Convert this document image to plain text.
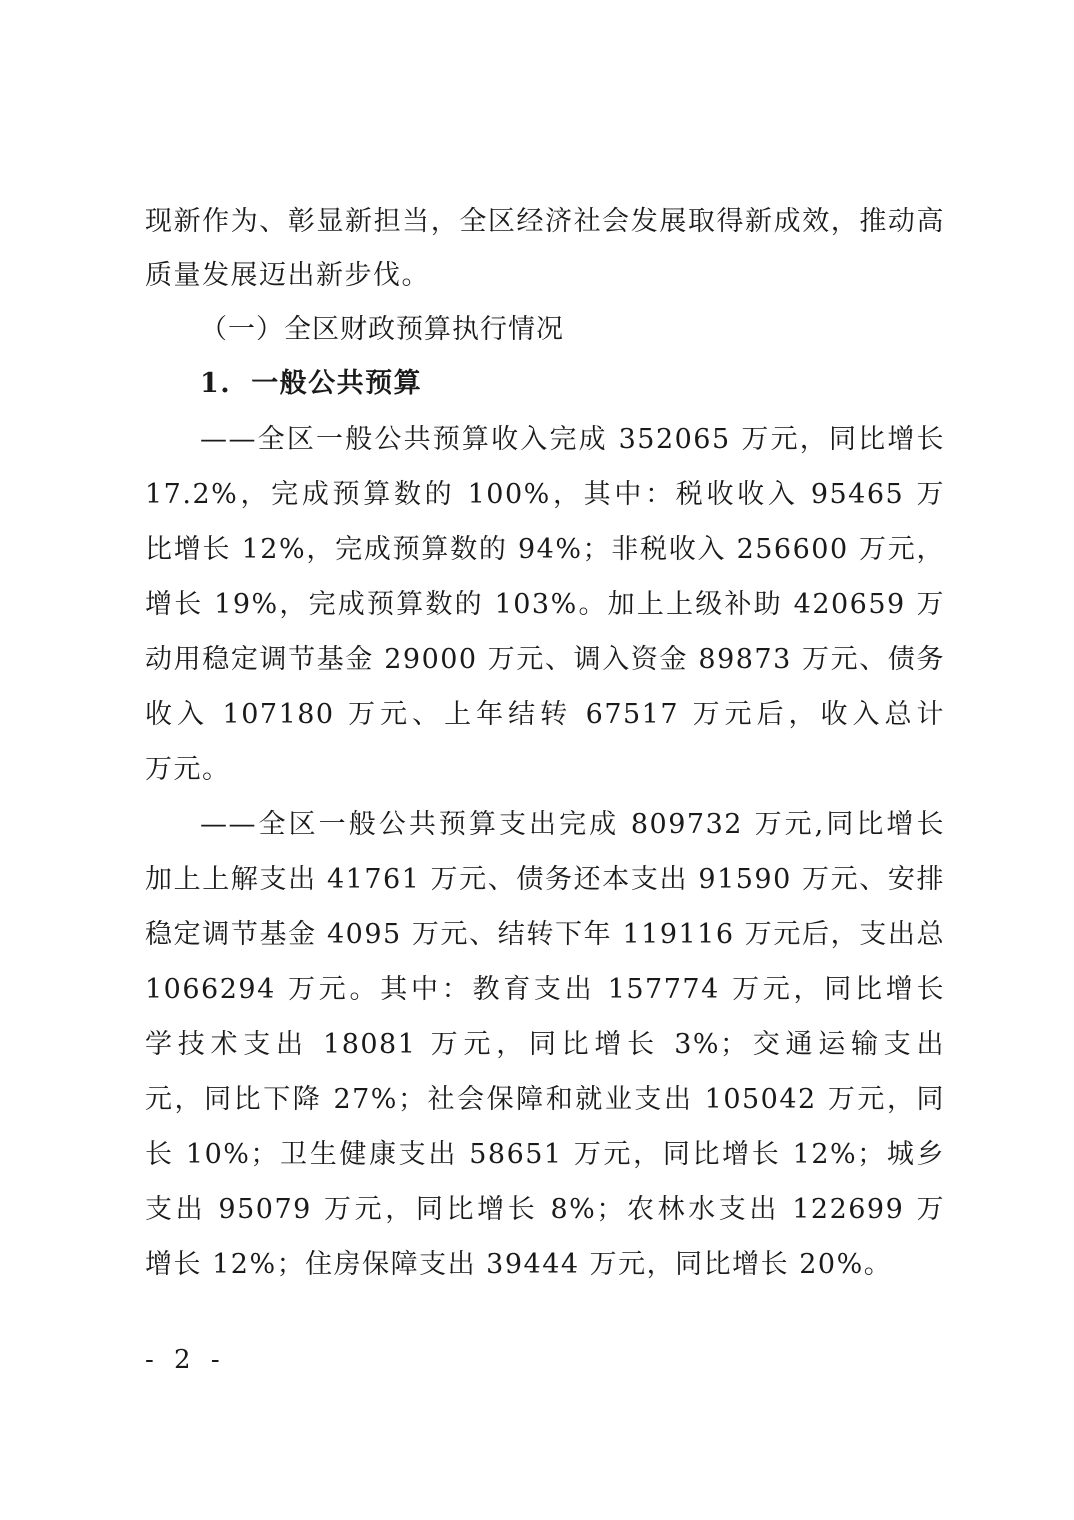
现新作为、彰显新担当，全区经济社会发展取得新成效，推动高
质量发展迈出新步伐。
（一）全区财政预算执行情况
1. 一般公共预算
——全区一般公共预算收入完成 352065 万元，同比增长
17.2%，完成预算数的 100%，其中：税收收入 95465 万
比增长 12%，完成预算数的 94%；非税收入 256600 万元，
增长 19%，完成预算数的 103%。加上上级补助 420659 万
动用稳定调节基金 29000 万元、调入资金 89873 万元、债务
收入 107180 万元、上年结转 67517 万元后，收入总计
万元。
——全区一般公共预算支出完成 809732 万元,同比增长
加上上解支出 41761 万元、债务还本支出 91590 万元、安排
稳定调节基金 4095 万元、结转下年 119116 万元后，支出总
1066294 万元。其中：教育支出 157774 万元，同比增长
学技术支出 18081 万元，同比增长 3%；交通运输支出
元，同比下降 27%；社会保障和就业支出 105042 万元，同
长 10%；卫生健康支出 58651 万元，同比增长 12%；城乡
支出 95079 万元，同比增长 8%；农林水支出 122699 万
增长 12%；住房保障支出 39444 万元，同比增长 20%。
- 2 -
